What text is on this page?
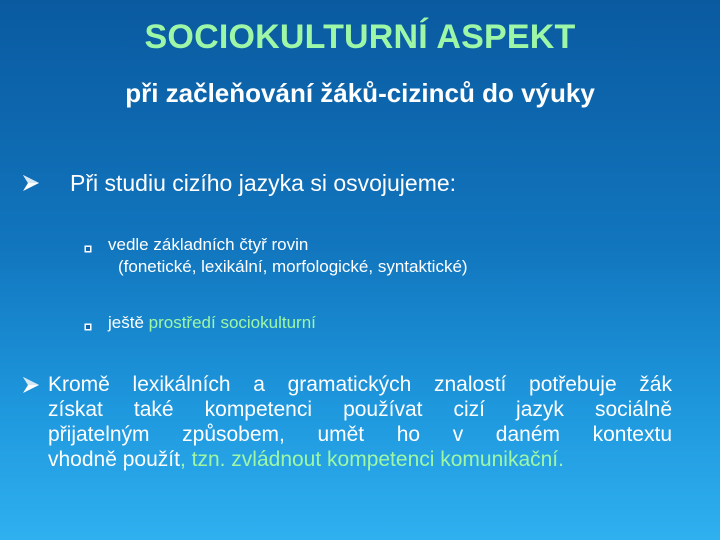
SOCIOKULTURNÍ ASPEKT
při začleňování žáků-cizinců do výuky
Při studiu cizího jazyka si osvojujeme:
vedle základních čtyř rovin
(fonetické, lexikální, morfologické, syntaktické)
ještě prostředí sociokulturní
Kromě lexikálních a gramatických znalostí potřebuje žák
získat také kompetenci používat cizí jazyk sociálně
přijatelným způsobem, umět ho v daném kontextu
vhodně použít, tzn. zvládnout kompetenci komunikační.
